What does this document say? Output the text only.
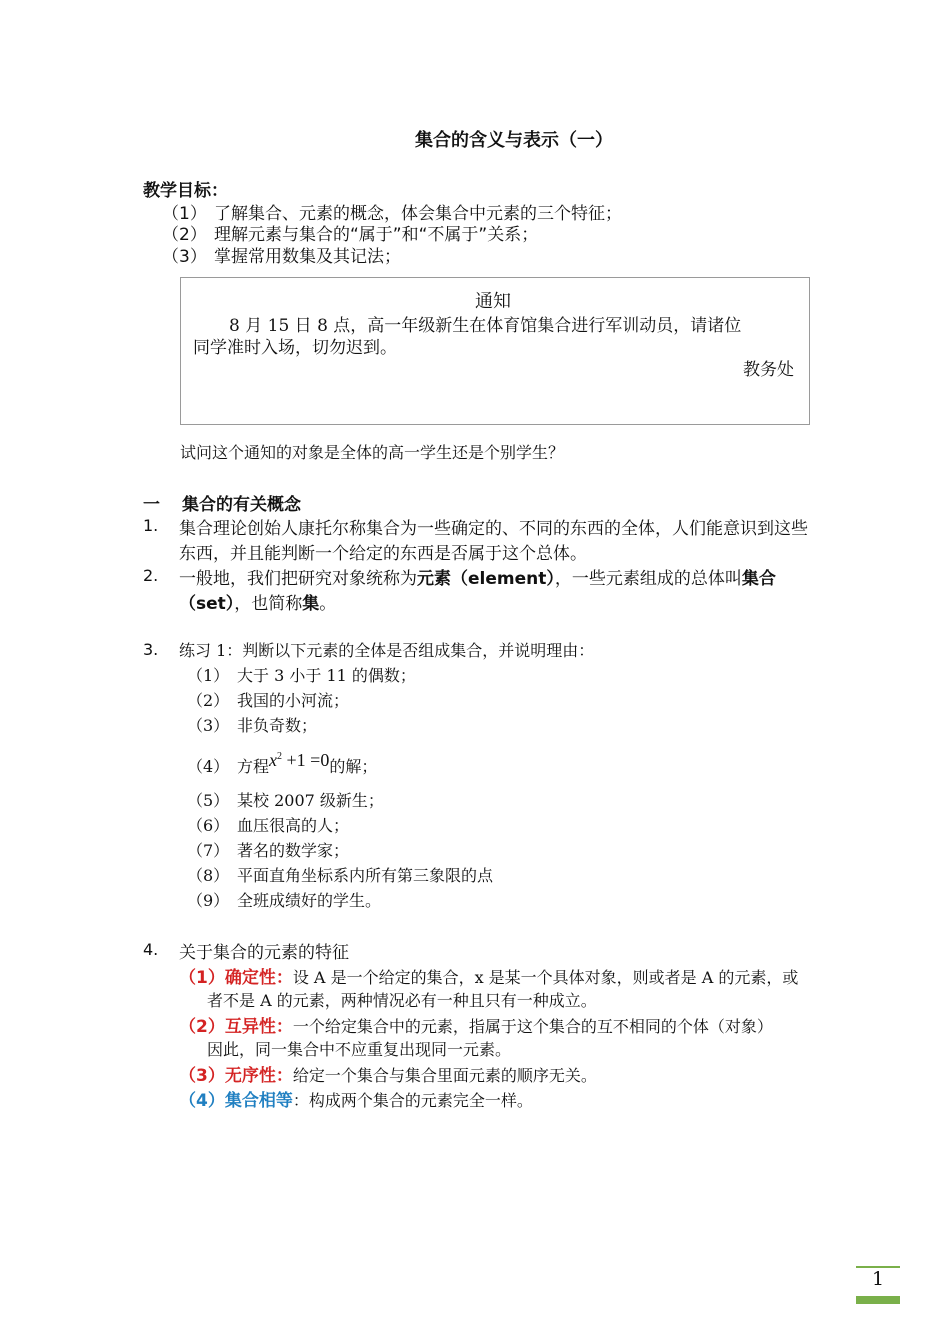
集合的含义与表示（一）
教学目标：
（1） 了解集合、元素的概念，体会集合中元素的三个特征；
（2） 理解元素与集合的“属于”和“不属于”关系；
（3） 掌握常用数集及其记法；
通知
8 月 15 日 8 点，高一年级新生在体育馆集合进行军训动员，请诸位
同学准时入场，切勿迟到。
教务处
试问这个通知的对象是全体的高一学生还是个别学生？
一 集合的有关概念
1. 集合理论创始人康托尔称集合为一些确定的、不同的东西的全体，人们能意识到这些
东西，并且能判断一个给定的东西是否属于这个总体。
2. 一般地，我们把研究对象统称为元素（element），一些元素组成的总体叫集合
（set），也简称集。
3. 练习 1：判断以下元素的全体是否组成集合，并说明理由：
（1） 大于 3 小于 11 的偶数；
（2） 我国的小河流；
（3） 非负奇数；
（4） 方程$x^2 +1 =0$的解；
（5） 某校 2007 级新生；
（6） 血压很高的人；
（7） 著名的数学家；
（8） 平面直角坐标系内所有第三象限的点
（9） 全班成绩好的学生。
4. 关于集合的元素的特征
（1）确定性：设 A 是一个给定的集合，x 是某一个具体对象，则或者是 A 的元素，或
者不是 A 的元素，两种情况必有一种且只有一种成立。
（2）互异性：一个给定集合中的元素，指属于这个集合的互不相同的个体（对象）
因此，同一集合中不应重复出现同一元素。
（3）无序性：给定一个集合与集合里面元素的顺序无关。
（4）集合相等：构成两个集合的元素完全一样。
1
